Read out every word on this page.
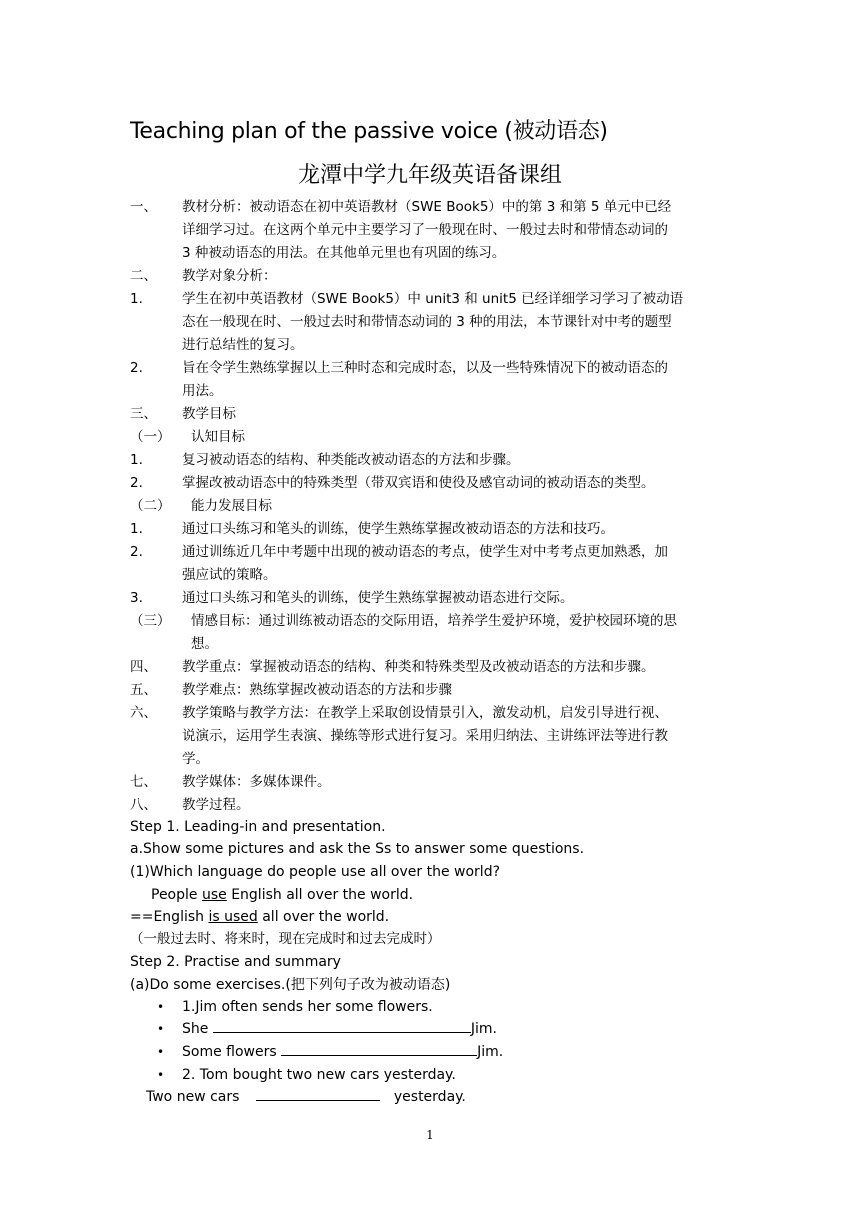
Teaching plan of the passive voice (被动语态)
龙潭中学九年级英语备课组
一、 教材分析：被动语态在初中英语教材（SWE Book5）中的第 3 和第 5 单元中已经
详细学习过。在这两个单元中主要学习了一般现在时、一般过去时和带情态动词的
3 种被动语态的用法。在其他单元里也有巩固的练习。
二、 教学对象分析：
1.	学生在初中英语教材（SWE Book5）中 unit3 和 unit5 已经详细学习学习了被动语
态在一般现在时、一般过去时和带情态动词的 3 种的用法，本节课针对中考的题型
进行总结性的复习。
2.	旨在令学生熟练掌握以上三种时态和完成时态，以及一些特殊情况下的被动语态的
用法。
三、 教学目标
（一） 认知目标
1.	复习被动语态的结构、种类能改被动语态的方法和步骤。
2.	掌握改被动语态中的特殊类型（带双宾语和使役及感官动词的被动语态的类型。
（二） 能力发展目标
1.	通过口头练习和笔头的训练，使学生熟练掌握改被动语态的方法和技巧。
2.	通过训练近几年中考题中出现的被动语态的考点，使学生对中考考点更加熟悉，加
强应试的策略。
3.	通过口头练习和笔头的训练，使学生熟练掌握被动语态进行交际。
（三） 情感目标：通过训练被动语态的交际用语，培养学生爱护环境，爱护校园环境的思
想。
四、 教学重点：掌握被动语态的结构、种类和特殊类型及改被动语态的方法和步骤。
五、 教学难点：熟练掌握改被动语态的方法和步骤
六、 教学策略与教学方法：在教学上采取创设情景引入，激发动机，启发引导进行视、
说演示，运用学生表演、操练等形式进行复习。采用归纳法、主讲练评法等进行教
学。
七、 教学媒体：多媒体课件。
八、 教学过程。
Step 1. Leading-in and presentation.
a.Show some pictures and ask the Ss to answer some questions.
(1)Which language do people use all over the world?
People use English all over the world.
==English is used all over the world.
（一般过去时、将来时，现在完成时和过去完成时）
Step 2. Practise and summary
(a)Do some exercises.(把下列句子改为被动语态)
• 1.Jim often sends her some flowers.
• She	Jim.
• Some flowers	Jim.
• 2. Tom bought two new cars yesterday.
Two new cars	yesterday.
1
